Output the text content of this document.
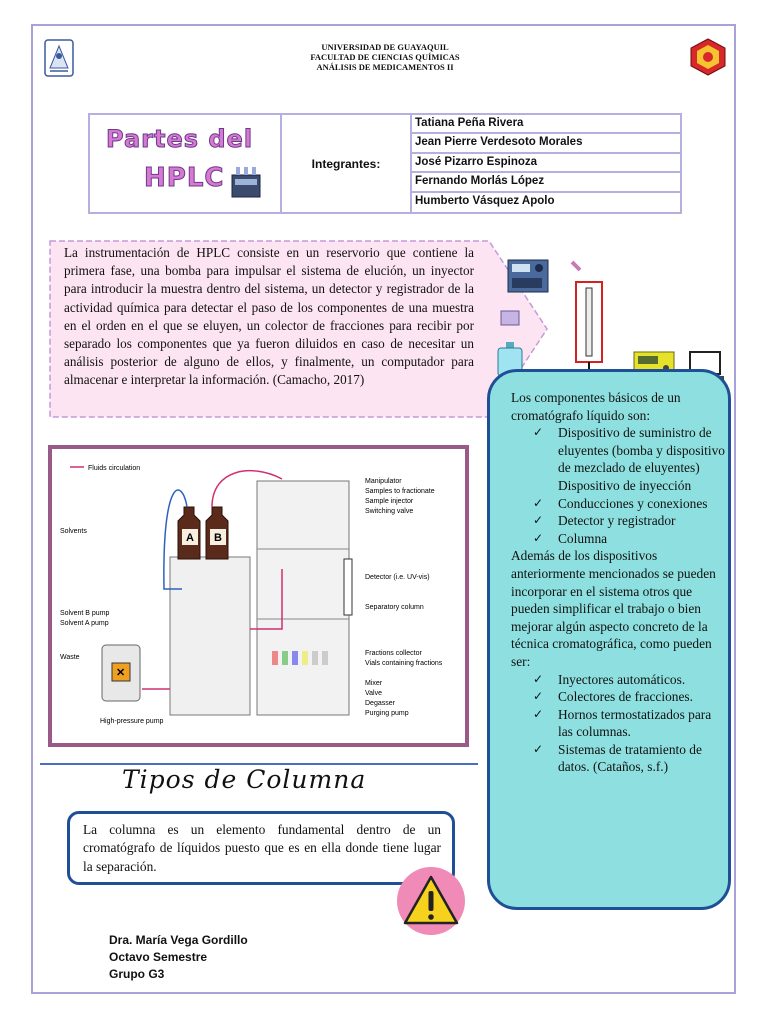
UNIVERSIDAD DE GUAYAQUIL
FACULTAD DE CIENCIAS QUÍMICAS
ANÁLISIS DE MEDICAMENTOS II
Partes del
HPLC	Integrantes:
Tatiana Peña Rivera
Jean Pierre Verdesoto Morales
José Pizarro Espinoza
Fernando Morlás López
Humberto Vásquez Apolo
La instrumentación de HPLC consiste en un reservorio que contiene la primera fase, una bomba para impulsar el sistema de elución, un inyector para introducir la muestra dentro del sistema, un detector y registrador de la actividad química para detectar el paso de los componentes de una muestra en el orden en el que se eluyen, un colector de fracciones para recibir por separado los componentes que ya fueron diluidos en caso de necesitar un análisis posterior de alguno de ellos, y finalmente, un computador para almacenar e interpretar la información. (Camacho, 2017)
Los componentes básicos de un cromatógrafo líquido son:
✓ Dispositivo de suministro de eluyentes (bomba y dispositivo de mezclado de eluyentes) Dispositivo de inyección
✓ Conducciones y conexiones
✓ Detector y registrador
✓ Columna
Además de los dispositivos anteriormente mencionados se pueden incorporar en el sistema otros que pueden simplificar el trabajo o bien mejorar algún aspecto concreto de la técnica cromatográfica, como pueden ser:
✓ Inyectores automáticos.
✓ Colectores de fracciones.
✓ Hornos termostatizados para las columnas.
✓ Sistemas de tratamiento de datos. (Cataños, s.f.)
Fluids circulation
A B
✕
Solvents
Solvent B pump
Solvent A pump
Waste
High-pressure pump
Manipulator
Samples to fractionate
Sample injector
Switching valve
Detector (i.e. UV-vis)
Separatory column
Fractions collector
Vials containing fractions
Mixer
Valve
Degasser
Purging pump
Tipos de Columna
La columna es un elemento fundamental dentro de un cromatógrafo de líquidos puesto que es en ella donde tiene lugar la separación.
Dra. María Vega Gordillo
Octavo Semestre
Grupo G3
